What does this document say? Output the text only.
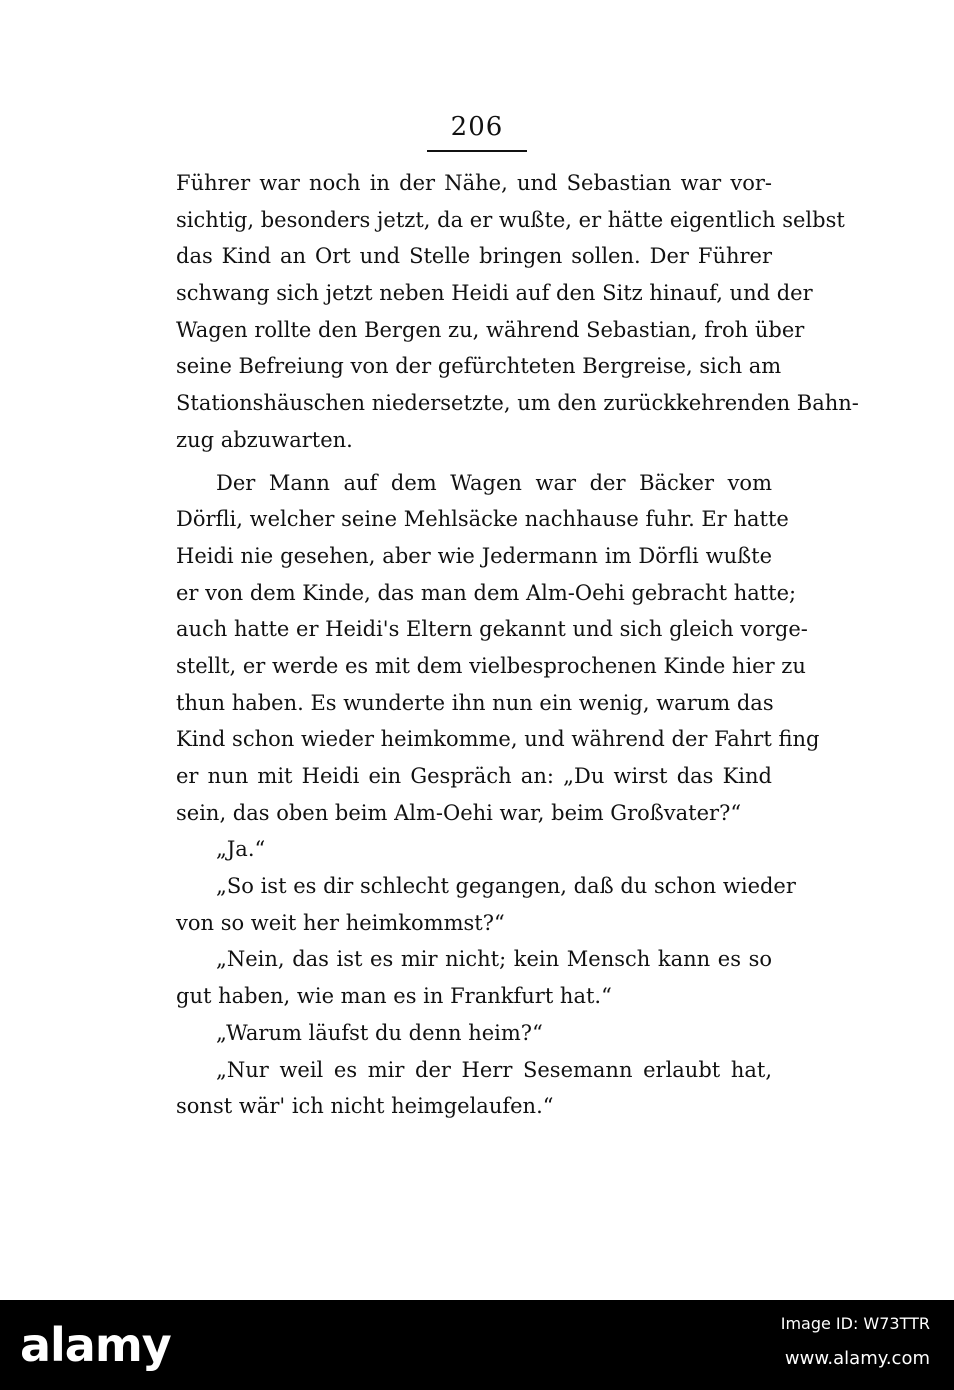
206
Führer war noch in der Nähe, und Sebastian war vor-
sichtig, besonders jetzt, da er wußte, er hätte eigentlich selbst
das Kind an Ort und Stelle bringen sollen. Der Führer
schwang sich jetzt neben Heidi auf den Sitz hinauf, und der
Wagen rollte den Bergen zu, während Sebastian, froh über
seine Befreiung von der gefürchteten Bergreise, sich am
Stationshäuschen niedersetzte, um den zurückkehrenden Bahn-
zug abzuwarten.
Der Mann auf dem Wagen war der Bäcker vom
Dörfli, welcher seine Mehlsäcke nachhause fuhr. Er hatte
Heidi nie gesehen, aber wie Jedermann im Dörfli wußte
er von dem Kinde, das man dem Alm-Oehi gebracht hatte;
auch hatte er Heidi's Eltern gekannt und sich gleich vorge-
stellt, er werde es mit dem vielbesprochenen Kinde hier zu
thun haben. Es wunderte ihn nun ein wenig, warum das
Kind schon wieder heimkomme, und während der Fahrt fing
er nun mit Heidi ein Gespräch an: „Du wirst das Kind
sein, das oben beim Alm-Oehi war, beim Großvater?“
„Ja.“
„So ist es dir schlecht gegangen, daß du schon wieder
von so weit her heimkommst?“
„Nein, das ist es mir nicht; kein Mensch kann es so
gut haben, wie man es in Frankfurt hat.“
„Warum läufst du denn heim?“
„Nur weil es mir der Herr Sesemann erlaubt hat,
sonst wär' ich nicht heimgelaufen.“
alamy	Image ID: W73TTR
www.alamy.com
